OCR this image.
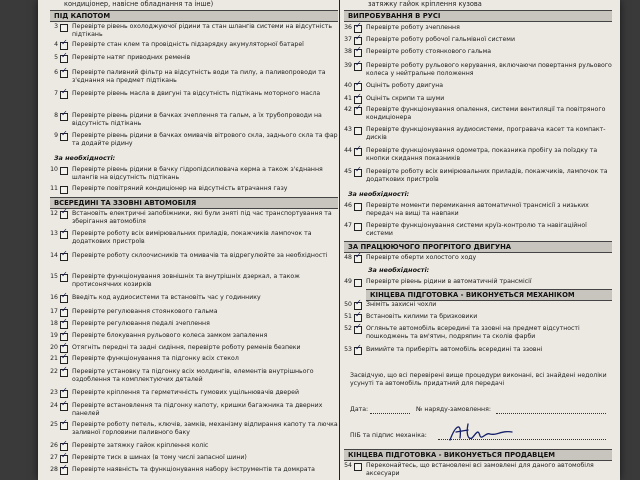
кондиціонер, навісне обладнання та інше)
ПІД КАПОТОМ
3 Перевірте рівень охолоджуючої рідини та стан шлангів системи на відсутність підтікань
4 ✓ Перевірте стан клем та провідність підзарядку акумуляторної батареї
5 ✓ Перевірте натяг приводних ременів
6 ✓ Перевірте паливний фільтр на відсутність води та пилу, а паливопроводи та з'єднання на предмет підтікань
7 ✓ Перевірте рівень масла в двигуні та відсутність підтікань моторного масла
8 ✓ Перевірте рівень рідини в бачках зчеплення та гальм, а їх трубопроводи на відсутність підтікань
9 ✓ Перевірте рівень рідини в бачках омивачів вітрового скла, заднього скла та фар та додайте рідину
За необхідності:
10 Перевірте рівень рідини в бачку гідропідсилювача керма а також з'єднання шлангів на відсутність підтікань
11 Перевірте повітряний кондиціонер на відсутність втрачання газу
ВСЕРЕДИНІ ТА ЗЗОВНІ АВТОМОБІЛЯ
12 ✓ Встановіть електричні запобіжники, які були зняті під час транспортування та зберігання автомобіля
13 ✓ Перевірте роботу всіх вимірювальних приладів, покажчиків лампочок та додаткових пристроїв
14 ✓ Перевірте роботу склоочисників та омивачів та відрегулюйте за необхідності
15 ✓ Перевірте функціонування зовнішніх та внутрішніх дзеркал, а також протисонячних козирків
16 ✓ Введіть код аудиосистеми та встановіть час у годиннику
17 ✓ Перевірте регулювання стоянкового гальма
18 ✓ Перевірте регулювання педалі зчеплення
19 ✓ Перевірте блокування рульового колеса замком запалення
20 ✓ Отягніть передні та задні сидіння, перевірте роботу ременів безпеки
21 ✓ Перевірте функціонування та підгонку всіх стекол
22 ✓ Перевірте установку та підгонку всіх молдингів, елементів внутрішнього оздоблення та комплектуючих деталей
23 ✓ Перевірте кріплення та герметичність гумових ущільнювачів дверей
24 ✓ Перевірте встановлення та підгонку капоту, кришки багажника та дверних панелей
25 ✓ Перевірте роботу петель, ключів, замків, механізму відпирання капоту та лючка заливної горловини паливного баку
26 ✓ Перевірте затяжку гайок кріплення коліс
27 ✓ Перевірте тиск в шинах (в тому числі запасної шини)
28 ✓ Перевірте наявність та функціонування набору інструментів та домкрата
затяжку гайок кріплення кузова
ВИПРОБУВАННЯ В РУСІ
36 ✓ Перевірте роботу зчеплення
37 ✓ Перевірте роботу робочої гальмівної системи
38 ✓ Перевірте роботу стоянкового гальма
39 ✓ Перевірте роботу рульового керування, включаючи повертання рульового колеса у нейтральне положення
40 ✓ Оцініть роботу двигуна
41 ✓ Оцініть скрипи та шуми
42 ✓ Перевірте функціонування опалення, системи вентиляції та повітряного кондиціонера
43 Перевірте функціонування аудиосистеми, програвача касет та компакт-дисків
44 ✓ Перевірте функціонування одометра, показника пробігу за поїздку та кнопки скидання показників
45 ✓ Перевірте роботу всіх вимірювальних приладів, покажчиків, лампочок та додаткових пристроїв
За необхідності:
46 Перевірте моменти перемикання автоматичної трансмісії з низьких передач на вищі та навпаки
47 Перевірте функціонування системи круїз-контролю та навігаційної системи
ЗА ПРАЦЮЮЧОГО ПРОГРІТОГО ДВИГУНА
48 ✓ Перевірте оберти холостого ходу
За необхідності:
49 Перевірте рівень рідини в автоматичній трансмісії
КІНЦЕВА ПІДГОТОВКА - ВИКОНУЄТЬСЯ МЕХАНІКОМ
50 ✓ Зніміть захисні чохли
51 ✓ Встановіть килими та бризковики
52 ✓ Огляньте автомобіль всередині та ззовні на предмет відсутності пошкоджень та вм'ятин, подряпин та сколів фарби
53 ✓ Вимийте та приберіть автомобіль всередині та ззовні
Засвідчую, що всі перевірені вище процедури виконані, всі знайдені недоліки усунуті та автомобіль придатний для передачі
Дата:	№ наряду-замовлення:
ПІБ та підпис механіка:
КІНЦЕВА ПІДГОТОВКА - ВИКОНУЄТЬСЯ ПРОДАВЦЕМ
54 Переконайтесь, що встановлені всі замовлені для даного автомобіля аксесуари
